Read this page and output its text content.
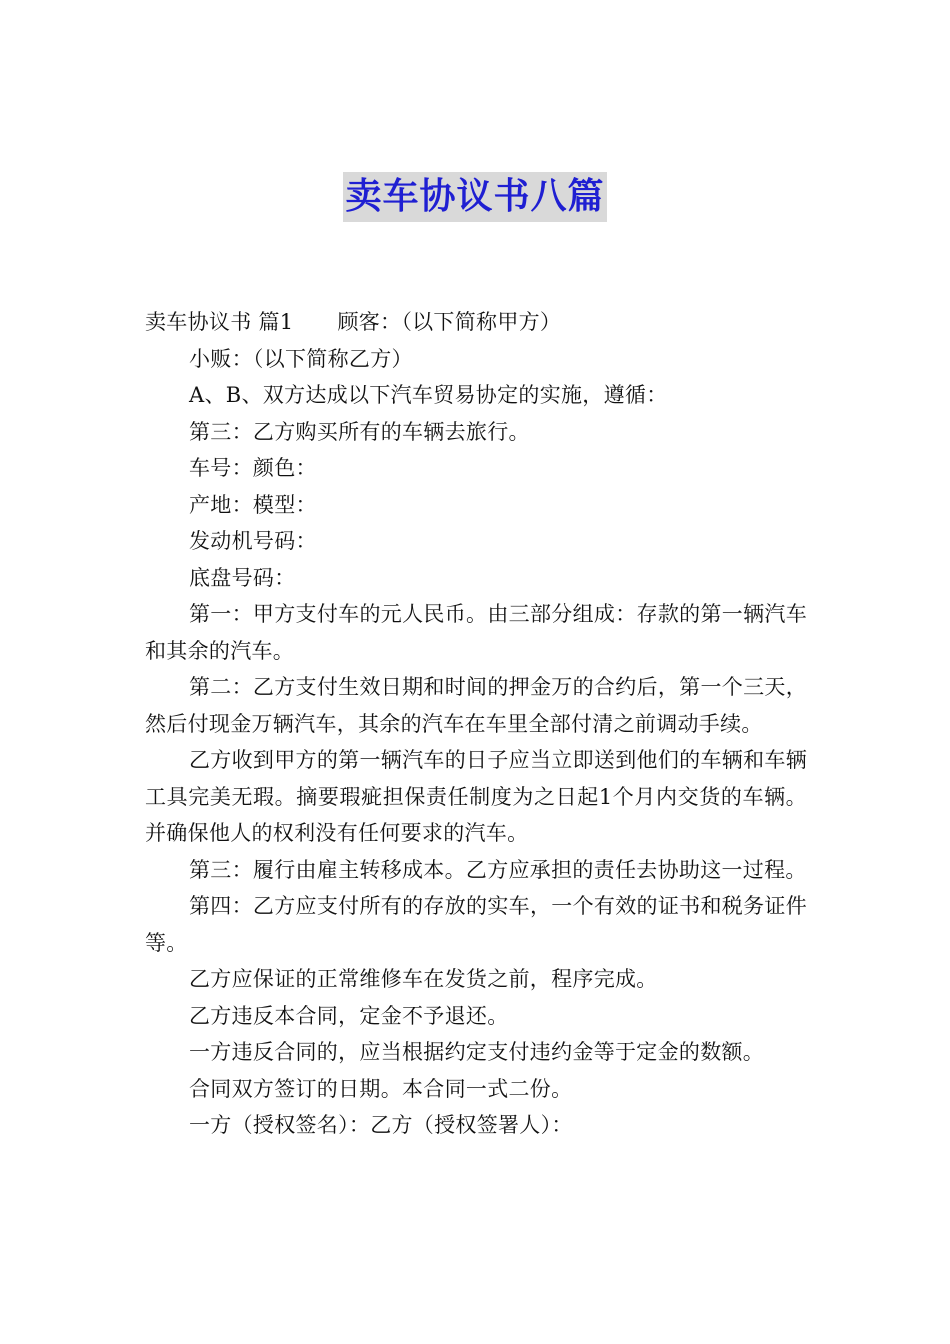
卖车协议书八篇

卖车协议书 篇1 顾客：（以下简称甲方）

小贩：（以下简称乙方）

A、B、双方达成以下汽车贸易协定的实施，遵循：

第三：乙方购买所有的车辆去旅行。

车号：颜色：

产地：模型：

发动机号码：

底盘号码：

第一：甲方支付车的元人民币。由三部分组成：存款的第一辆汽车和其余的汽车。

第二：乙方支付生效日期和时间的押金万的合约后，第一个三天，然后付现金万辆汽车，其余的汽车在车里全部付清之前调动手续。

乙方收到甲方的第一辆汽车的日子应当立即送到他们的车辆和车辆工具完美无瑕。摘要瑕疵担保责任制度为之日起1个月内交货的车辆。并确保他人的权利没有任何要求的汽车。

第三：履行由雇主转移成本。乙方应承担的责任去协助这一过程。

第四：乙方应支付所有的存放的实车，一个有效的证书和税务证件等。

乙方应保证的正常维修车在发货之前，程序完成。

乙方违反本合同，定金不予退还。

一方违反合同的，应当根据约定支付违约金等于定金的数额。

合同双方签订的日期。本合同一式二份。

一方（授权签名）：乙方（授权签署人）：
